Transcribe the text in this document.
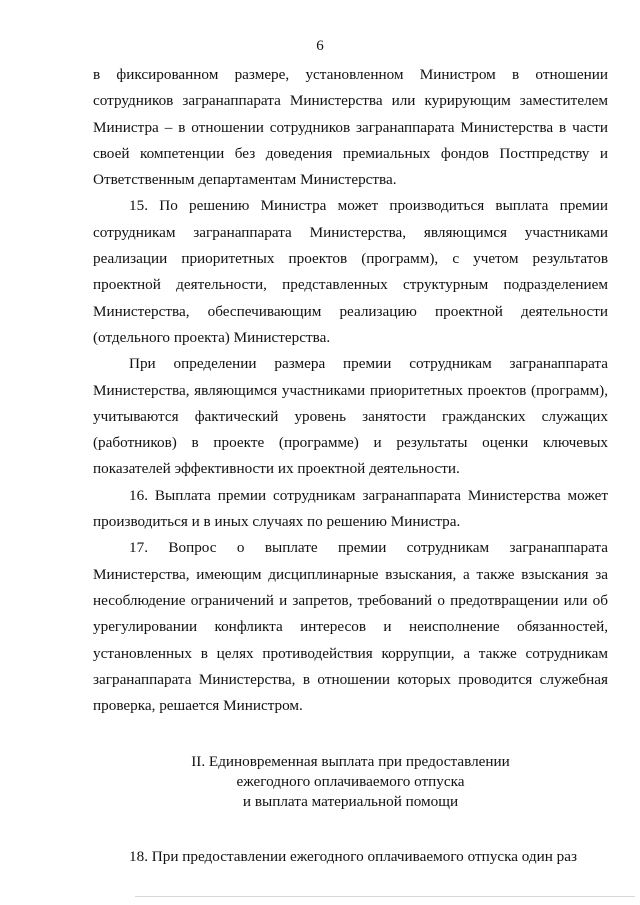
6

в фиксированном размере, установленном Министром в отношении сотрудников загранаппарата Министерства или курирующим заместителем Министра – в отношении сотрудников загранаппарата Министерства в части своей компетенции без доведения премиальных фондов Постпредству и Ответственным департаментам Министерства.

15. По решению Министра может производиться выплата премии сотрудникам загранаппарата Министерства, являющимся участниками реализации приоритетных проектов (программ), с учетом результатов проектной деятельности, представленных структурным подразделением Министерства, обеспечивающим реализацию проектной деятельности (отдельного проекта) Министерства.

При определении размера премии сотрудникам загранаппарата Министерства, являющимся участниками приоритетных проектов (программ), учитываются фактический уровень занятости гражданских служащих (работников) в проекте (программе) и результаты оценки ключевых показателей эффективности их проектной деятельности.

16. Выплата премии сотрудникам загранаппарата Министерства может производиться и в иных случаях по решению Министра.

17. Вопрос о выплате премии сотрудникам загранаппарата Министерства, имеющим дисциплинарные взыскания, а также взыскания за несоблюдение ограничений и запретов, требований о предотвращении или об урегулировании конфликта интересов и неисполнение обязанностей, установленных в целях противодействия коррупции, а также сотрудникам загранаппарата Министерства, в отношении которых проводится служебная проверка, решается Министром.

II. Единовременная выплата при предоставлении
ежегодного оплачиваемого отпуска
и выплата материальной помощи

18. При предоставлении ежегодного оплачиваемого отпуска один раз
